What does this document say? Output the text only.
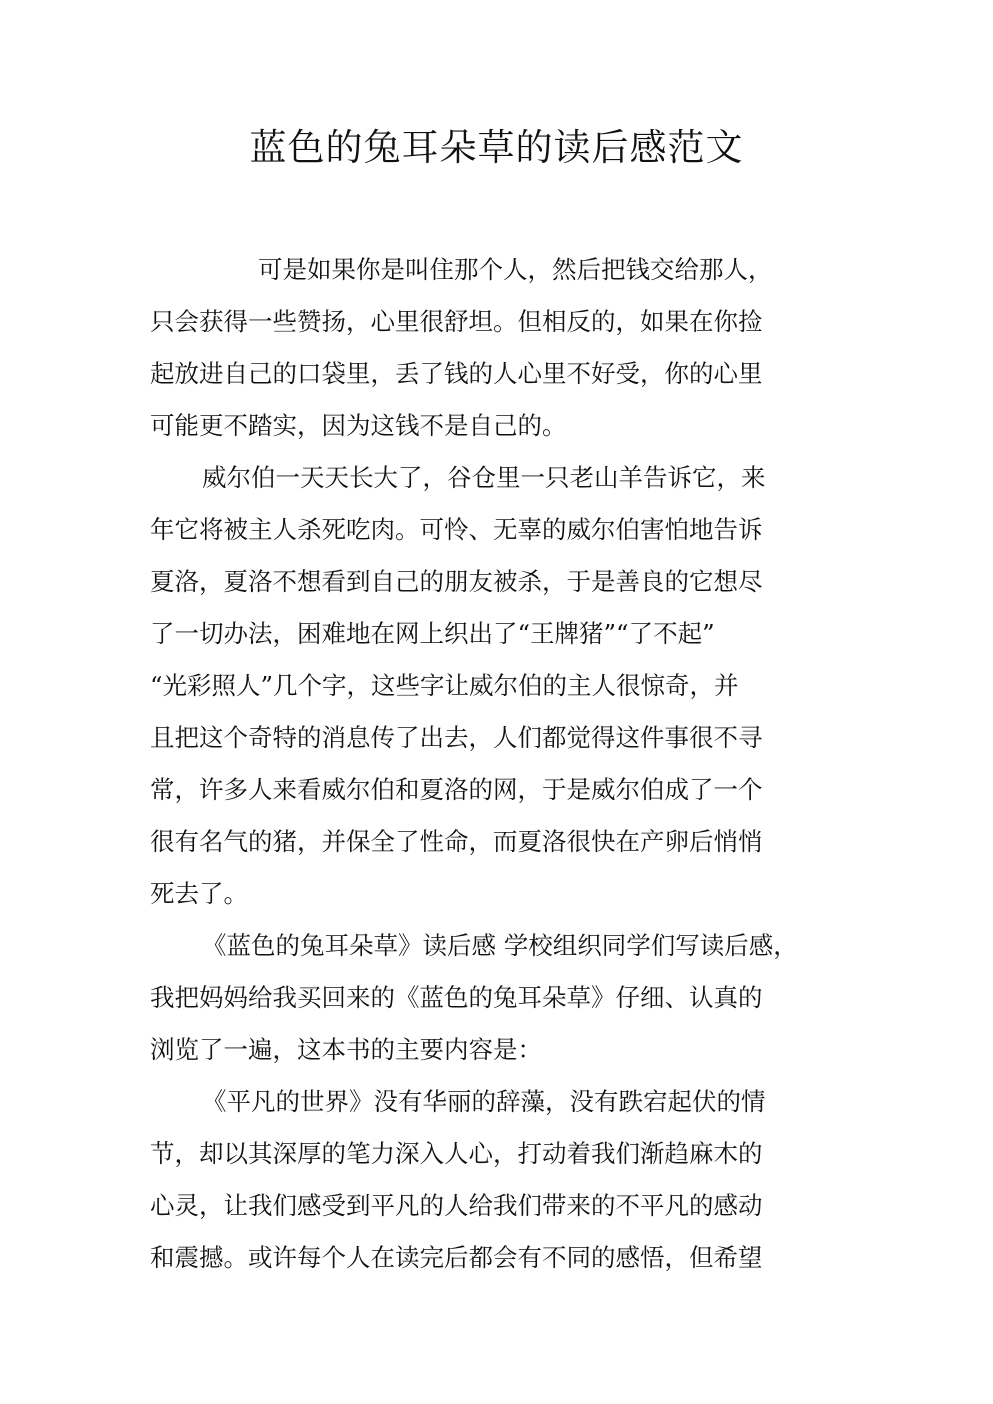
蓝色的兔耳朵草的读后感范文

可是如果你是叫住那个人，然后把钱交给那人，

只会获得一些赞扬，心里很舒坦。但相反的，如果在你捡

起放进自己的口袋里，丢了钱的人心里不好受，你的心里

可能更不踏实，因为这钱不是自己的。

威尔伯一天天长大了，谷仓里一只老山羊告诉它，来

年它将被主人杀死吃肉。可怜、无辜的威尔伯害怕地告诉

夏洛，夏洛不想看到自己的朋友被杀，于是善良的它想尽

了一切办法，困难地在网上织出了“王牌猪”“了不起”

“光彩照人”几个字，这些字让威尔伯的主人很惊奇，并

且把这个奇特的消息传了出去，人们都觉得这件事很不寻

常，许多人来看威尔伯和夏洛的网，于是威尔伯成了一个

很有名气的猪，并保全了性命，而夏洛很快在产卵后悄悄

死去了。

《蓝色的兔耳朵草》读后感 学校组织同学们写读后感，

我把妈妈给我买回来的《蓝色的兔耳朵草》仔细、认真的

浏览了一遍，这本书的主要内容是：

《平凡的世界》没有华丽的辞藻，没有跌宕起伏的情

节，却以其深厚的笔力深入人心，打动着我们渐趋麻木的

心灵，让我们感受到平凡的人给我们带来的不平凡的感动

和震撼。或许每个人在读完后都会有不同的感悟，但希望
